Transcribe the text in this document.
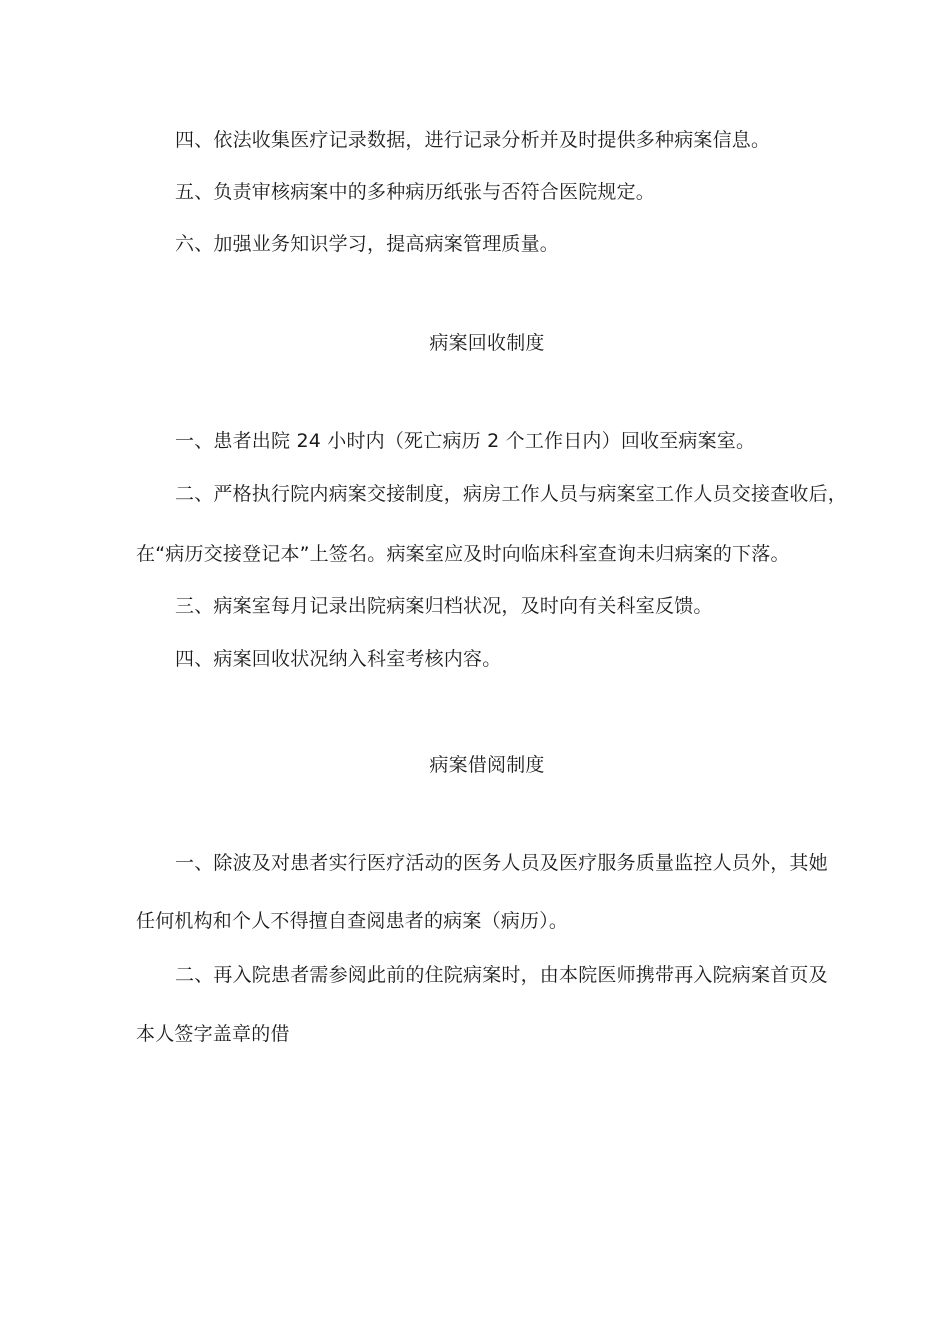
四、依法收集医疗记录数据，进行记录分析并及时提供多种病案信息。
五、负责审核病案中的多种病历纸张与否符合医院规定。
六、加强业务知识学习，提高病案管理质量。
病案回收制度
一、患者出院 24 小时内（死亡病历 2 个工作日内）回收至病案室。
二、严格执行院内病案交接制度，病房工作人员与病案室工作人员交接查收后，
在“病历交接登记本”上签名。病案室应及时向临床科室查询未归病案的下落。
三、病案室每月记录出院病案归档状况，及时向有关科室反馈。
四、病案回收状况纳入科室考核内容。
病案借阅制度
一、除波及对患者实行医疗活动的医务人员及医疗服务质量监控人员外，其她
任何机构和个人不得擅自查阅患者的病案（病历）。
二、再入院患者需参阅此前的住院病案时，由本院医师携带再入院病案首页及
本人签字盖章的借
